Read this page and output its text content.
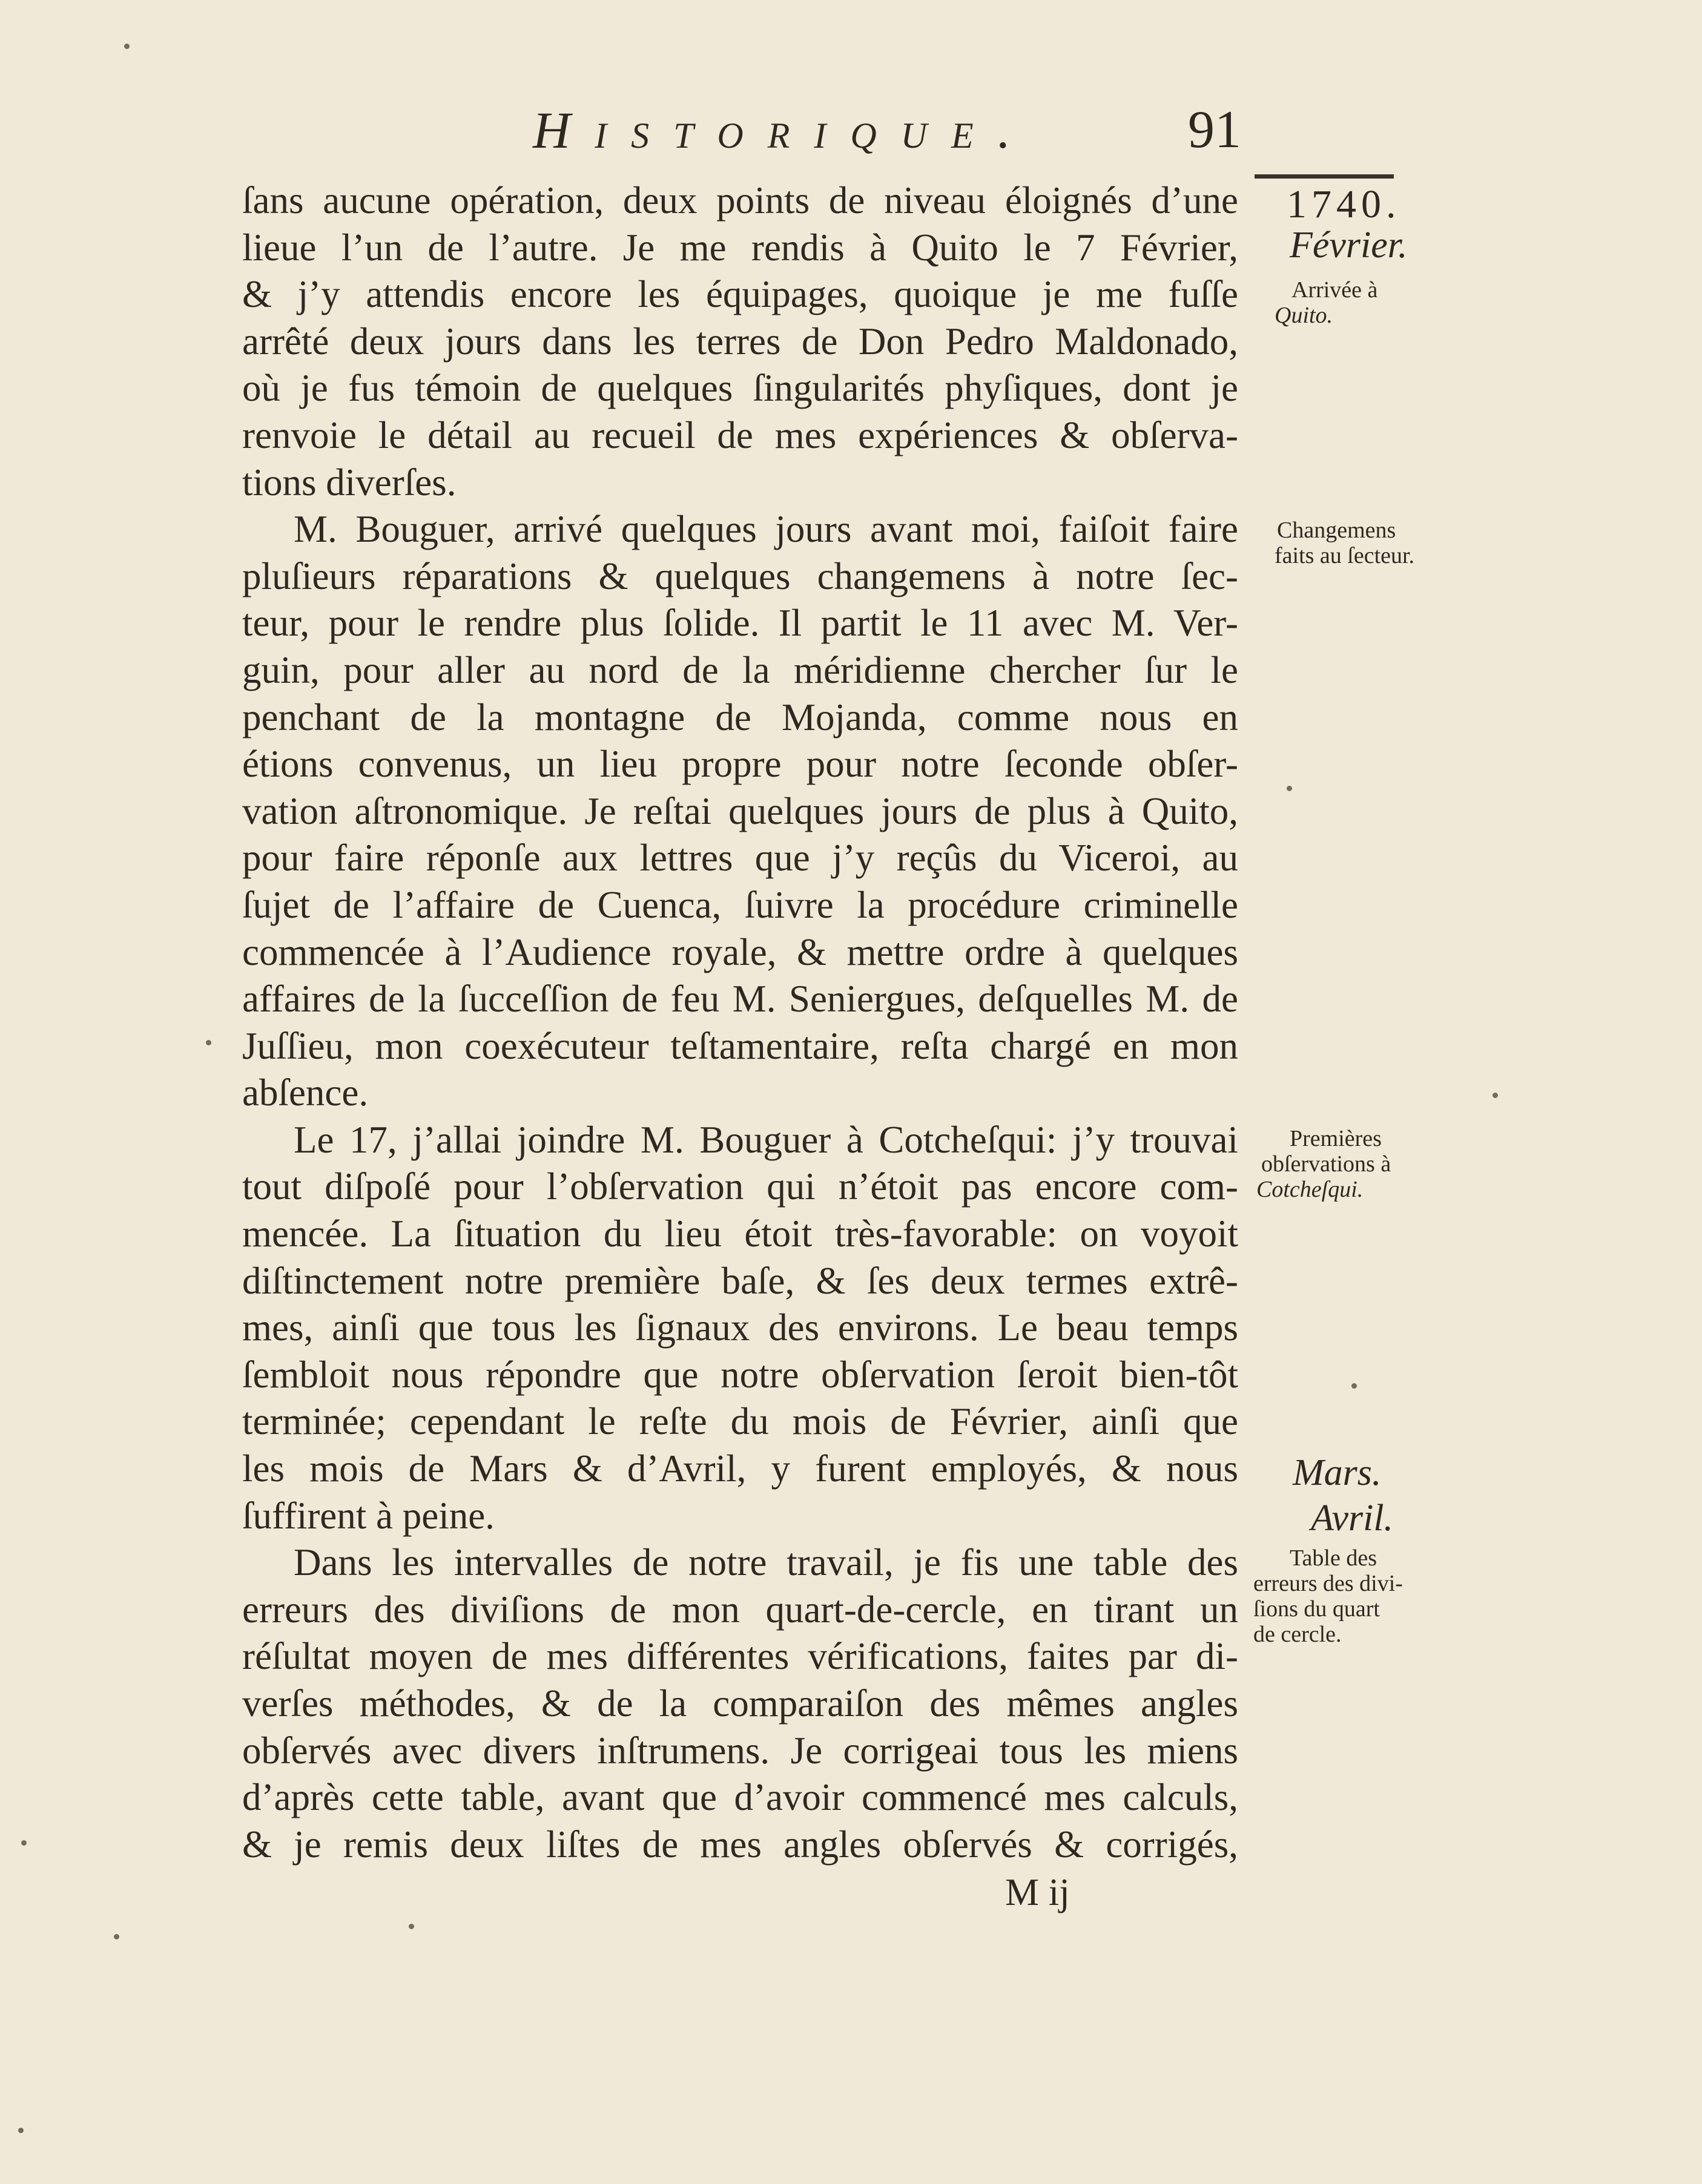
Historique.	91
ſans aucune opération, deux points de niveau éloignés d’une
lieue l’un de l’autre. Je me rendis à Quito le 7 Février,
& j’y attendis encore les équipages, quoique je me fuſſe
arrêté deux jours dans les terres de Don Pedro Maldonado,
où je fus témoin de quelques ſingularités phyſiques, dont je
renvoie le détail au recueil de mes expériences & obſerva-
tions diverſes.
M. Bouguer, arrivé quelques jours avant moi, faiſoit faire
pluſieurs réparations & quelques changemens à notre ſec-
teur, pour le rendre plus ſolide. Il partit le 11 avec M. Ver-
guin, pour aller au nord de la méridienne chercher ſur le
penchant de la montagne de Mojanda, comme nous en
étions convenus, un lieu propre pour notre ſeconde obſer-
vation aſtronomique. Je reſtai quelques jours de plus à Quito,
pour faire réponſe aux lettres que j’y reçûs du Viceroi, au
ſujet de l’affaire de Cuenca, ſuivre la procédure criminelle
commencée à l’Audience royale, & mettre ordre à quelques
affaires de la ſucceſſion de feu M. Seniergues, deſquelles M. de
Juſſieu, mon coexécuteur teſtamentaire, reſta chargé en mon
abſence.
Le 17, j’allai joindre M. Bouguer à Cotcheſqui: j’y trouvai
tout diſpoſé pour l’obſervation qui n’étoit pas encore com-
mencée. La ſituation du lieu étoit très-favorable: on voyoit
diſtinctement notre première baſe, & ſes deux termes extrê-
mes, ainſi que tous les ſignaux des environs. Le beau temps
ſembloit nous répondre que notre obſervation ſeroit bien-tôt
terminée; cependant le reſte du mois de Février, ainſi que
les mois de Mars & d’Avril, y furent employés, & nous
ſuffirent à peine.
Dans les intervalles de notre travail, je fis une table des
erreurs des diviſions de mon quart-de-cercle, en tirant un
réſultat moyen de mes différentes vérifications, faites par di-
verſes méthodes, & de la comparaiſon des mêmes angles
obſervés avec divers inſtrumens. Je corrigeai tous les miens
d’après cette table, avant que d’avoir commencé mes calculs,
& je remis deux liſtes de mes angles obſervés & corrigés,
M ij
1740.
Février.
Arrivée à
Quito.
Changemens
faits au ſecteur.
Premières
obſervations à
Cotcheſqui.
Mars.
Avril.
Table des
erreurs des divi-
ſions du quart
de cercle.
